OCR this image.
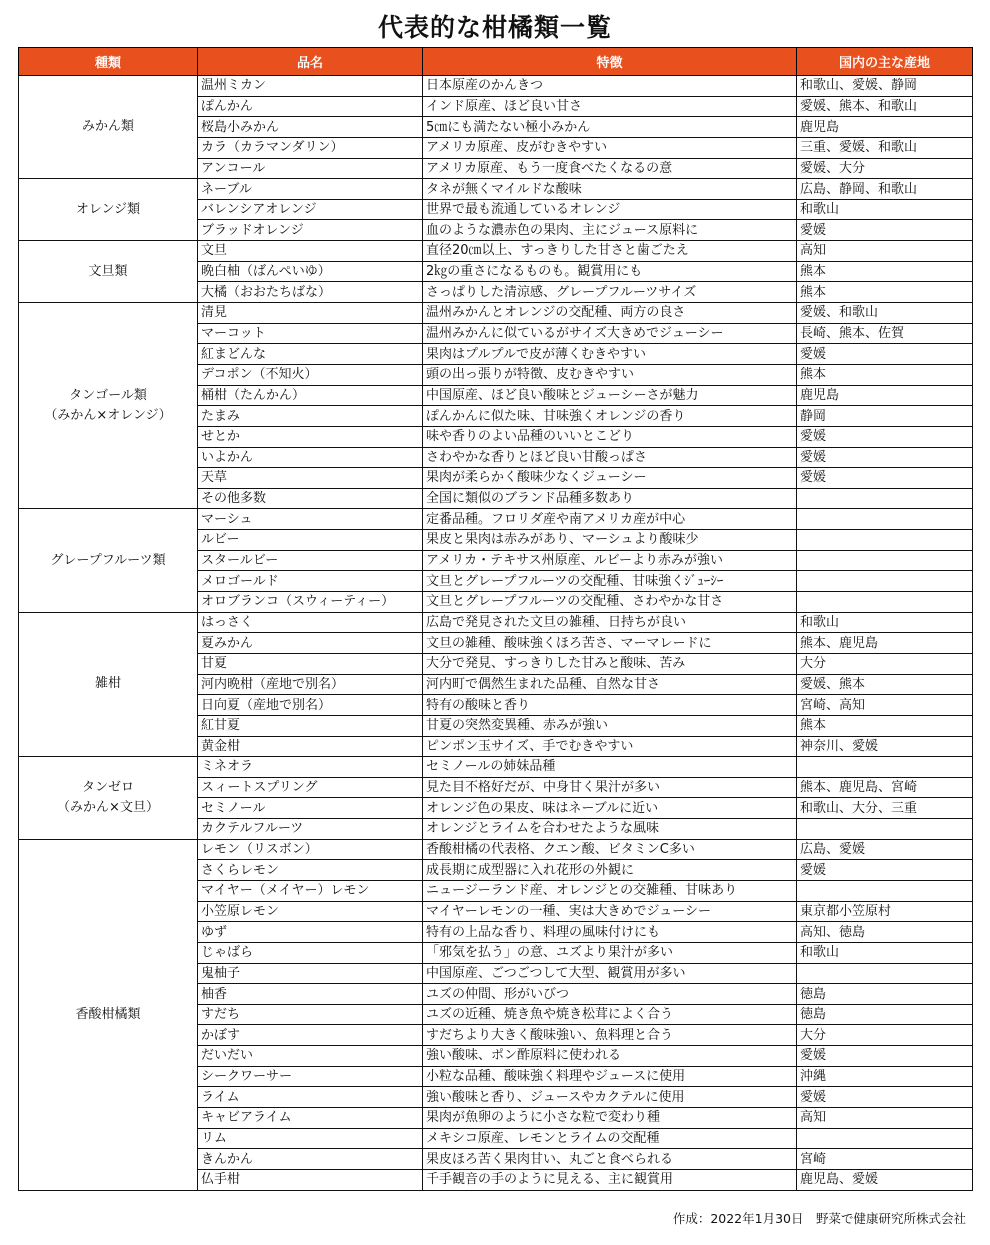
代表的な柑橘類一覧
種類	品名	特徴	国内の主な産地

みかん類	温州ミカン	日本原産のかんきつ	和歌山、愛媛、静岡
	ぽんかん	インド原産、ほど良い甘さ	愛媛、熊本、和歌山
	桜島小みかん	5㎝にも満たない極小みかん	鹿児島
	カラ（カラマンダリン）	アメリカ原産、皮がむきやすい	三重、愛媛、和歌山
	アンコール	アメリカ原産、もう一度食べたくなるの意	愛媛、大分

オレンジ類	ネーブル	タネが無くマイルドな酸味	広島、静岡、和歌山
	バレンシアオレンジ	世界で最も流通しているオレンジ	和歌山
	ブラッドオレンジ	血のような濃赤色の果肉、主にジュース原料に	愛媛

文旦類	文旦	直径20㎝以上、すっきりした甘さと歯ごたえ	高知
	晩白柚（ばんぺいゆ）	2㎏の重さになるものも。観賞用にも	熊本
	大橘（おおたちばな）	さっぱりした清涼感、グレープフルーツサイズ	熊本

タンゴール類
（みかん×オレンジ）	清見	温州みかんとオレンジの交配種、両方の良さ	愛媛、和歌山
	マーコット	温州みかんに似ているがサイズ大きめでジューシー	長崎、熊本、佐賀
	紅まどんな	果肉はプルプルで皮が薄くむきやすい	愛媛
	デコポン（不知火）	頭の出っ張りが特徴、皮むきやすい	熊本
	桶柑（たんかん）	中国原産、ほど良い酸味とジューシーさが魅力	鹿児島
	たまみ	ぽんかんに似た味、甘味強くオレンジの香り	静岡
	せとか	味や香りのよい品種のいいとこどり	愛媛
	いよかん	さわやかな香りとほど良い甘酸っぱさ	愛媛
	天草	果肉が柔らかく酸味少なくジューシー	愛媛
	その他多数	全国に類似のブランド品種多数あり	

グレープフルーツ類	マーシュ	定番品種。フロリダ産や南アメリカ産が中心	
	ルビー	果皮と果肉は赤みがあり、マーシュより酸味少	
	スタールビー	アメリカ・テキサス州原産、ルビーより赤みが強い	
	メロゴールド	文旦とグレープフルーツの交配種、甘味強くｼﾞｭｰｼｰ	
	オロブランコ（スウィーティー）	文旦とグレープフルーツの交配種、さわやかな甘さ	

雑柑	はっさく	広島で発見された文旦の雑種、日持ちが良い	和歌山
	夏みかん	文旦の雑種、酸味強くほろ苦さ、マーマレードに	熊本、鹿児島
	甘夏	大分で発見、すっきりした甘みと酸味、苦み	大分
	河内晩柑（産地で別名）	河内町で偶然生まれた品種、自然な甘さ	愛媛、熊本
	日向夏（産地で別名）	特有の酸味と香り	宮崎、高知
	紅甘夏	甘夏の突然変異種、赤みが強い	熊本
	黄金柑	ピンポン玉サイズ、手でむきやすい	神奈川、愛媛

タンゼロ
（みかん×文旦）	ミネオラ	セミノールの姉妹品種	
	スィートスプリング	見た目不格好だが、中身甘く果汁が多い	熊本、鹿児島、宮崎
	セミノール	オレンジ色の果皮、味はネーブルに近い	和歌山、大分、三重
	カクテルフルーツ	オレンジとライムを合わせたような風味	

香酸柑橘類	レモン（リスボン）	香酸柑橘の代表格、クエン酸、ビタミンC多い	広島、愛媛
	さくらレモン	成長期に成型器に入れ花形の外観に	愛媛
	マイヤー（メイヤー）レモン	ニュージーランド産、オレンジとの交雑種、甘味あり	
	小笠原レモン	マイヤーレモンの一種、実は大きめでジューシー	東京都小笠原村
	ゆず	特有の上品な香り、料理の風味付けにも	高知、徳島
	じゃばら	「邪気を払う」の意、ユズより果汁が多い	和歌山
	鬼柚子	中国原産、ごつごつして大型、観賞用が多い	
	柚香	ユズの仲間、形がいびつ	徳島
	すだち	ユズの近種、焼き魚や焼き松茸によく合う	徳島
	かぼす	すだちより大きく酸味強い、魚料理と合う	大分
	だいだい	強い酸味、ポン酢原料に使われる	愛媛
	シークワーサー	小粒な品種、酸味強く料理やジュースに使用	沖縄
	ライム	強い酸味と香り、ジュースやカクテルに使用	愛媛
	キャビアライム	果肉が魚卵のように小さな粒で変わり種	高知
	リム	メキシコ原産、レモンとライムの交配種	
	きんかん	果皮ほろ苦く果肉甘い、丸ごと食べられる	宮崎
	仏手柑	千手観音の手のように見える、主に観賞用	鹿児島、愛媛
作成：2022年1月30日　野菜で健康研究所株式会社
